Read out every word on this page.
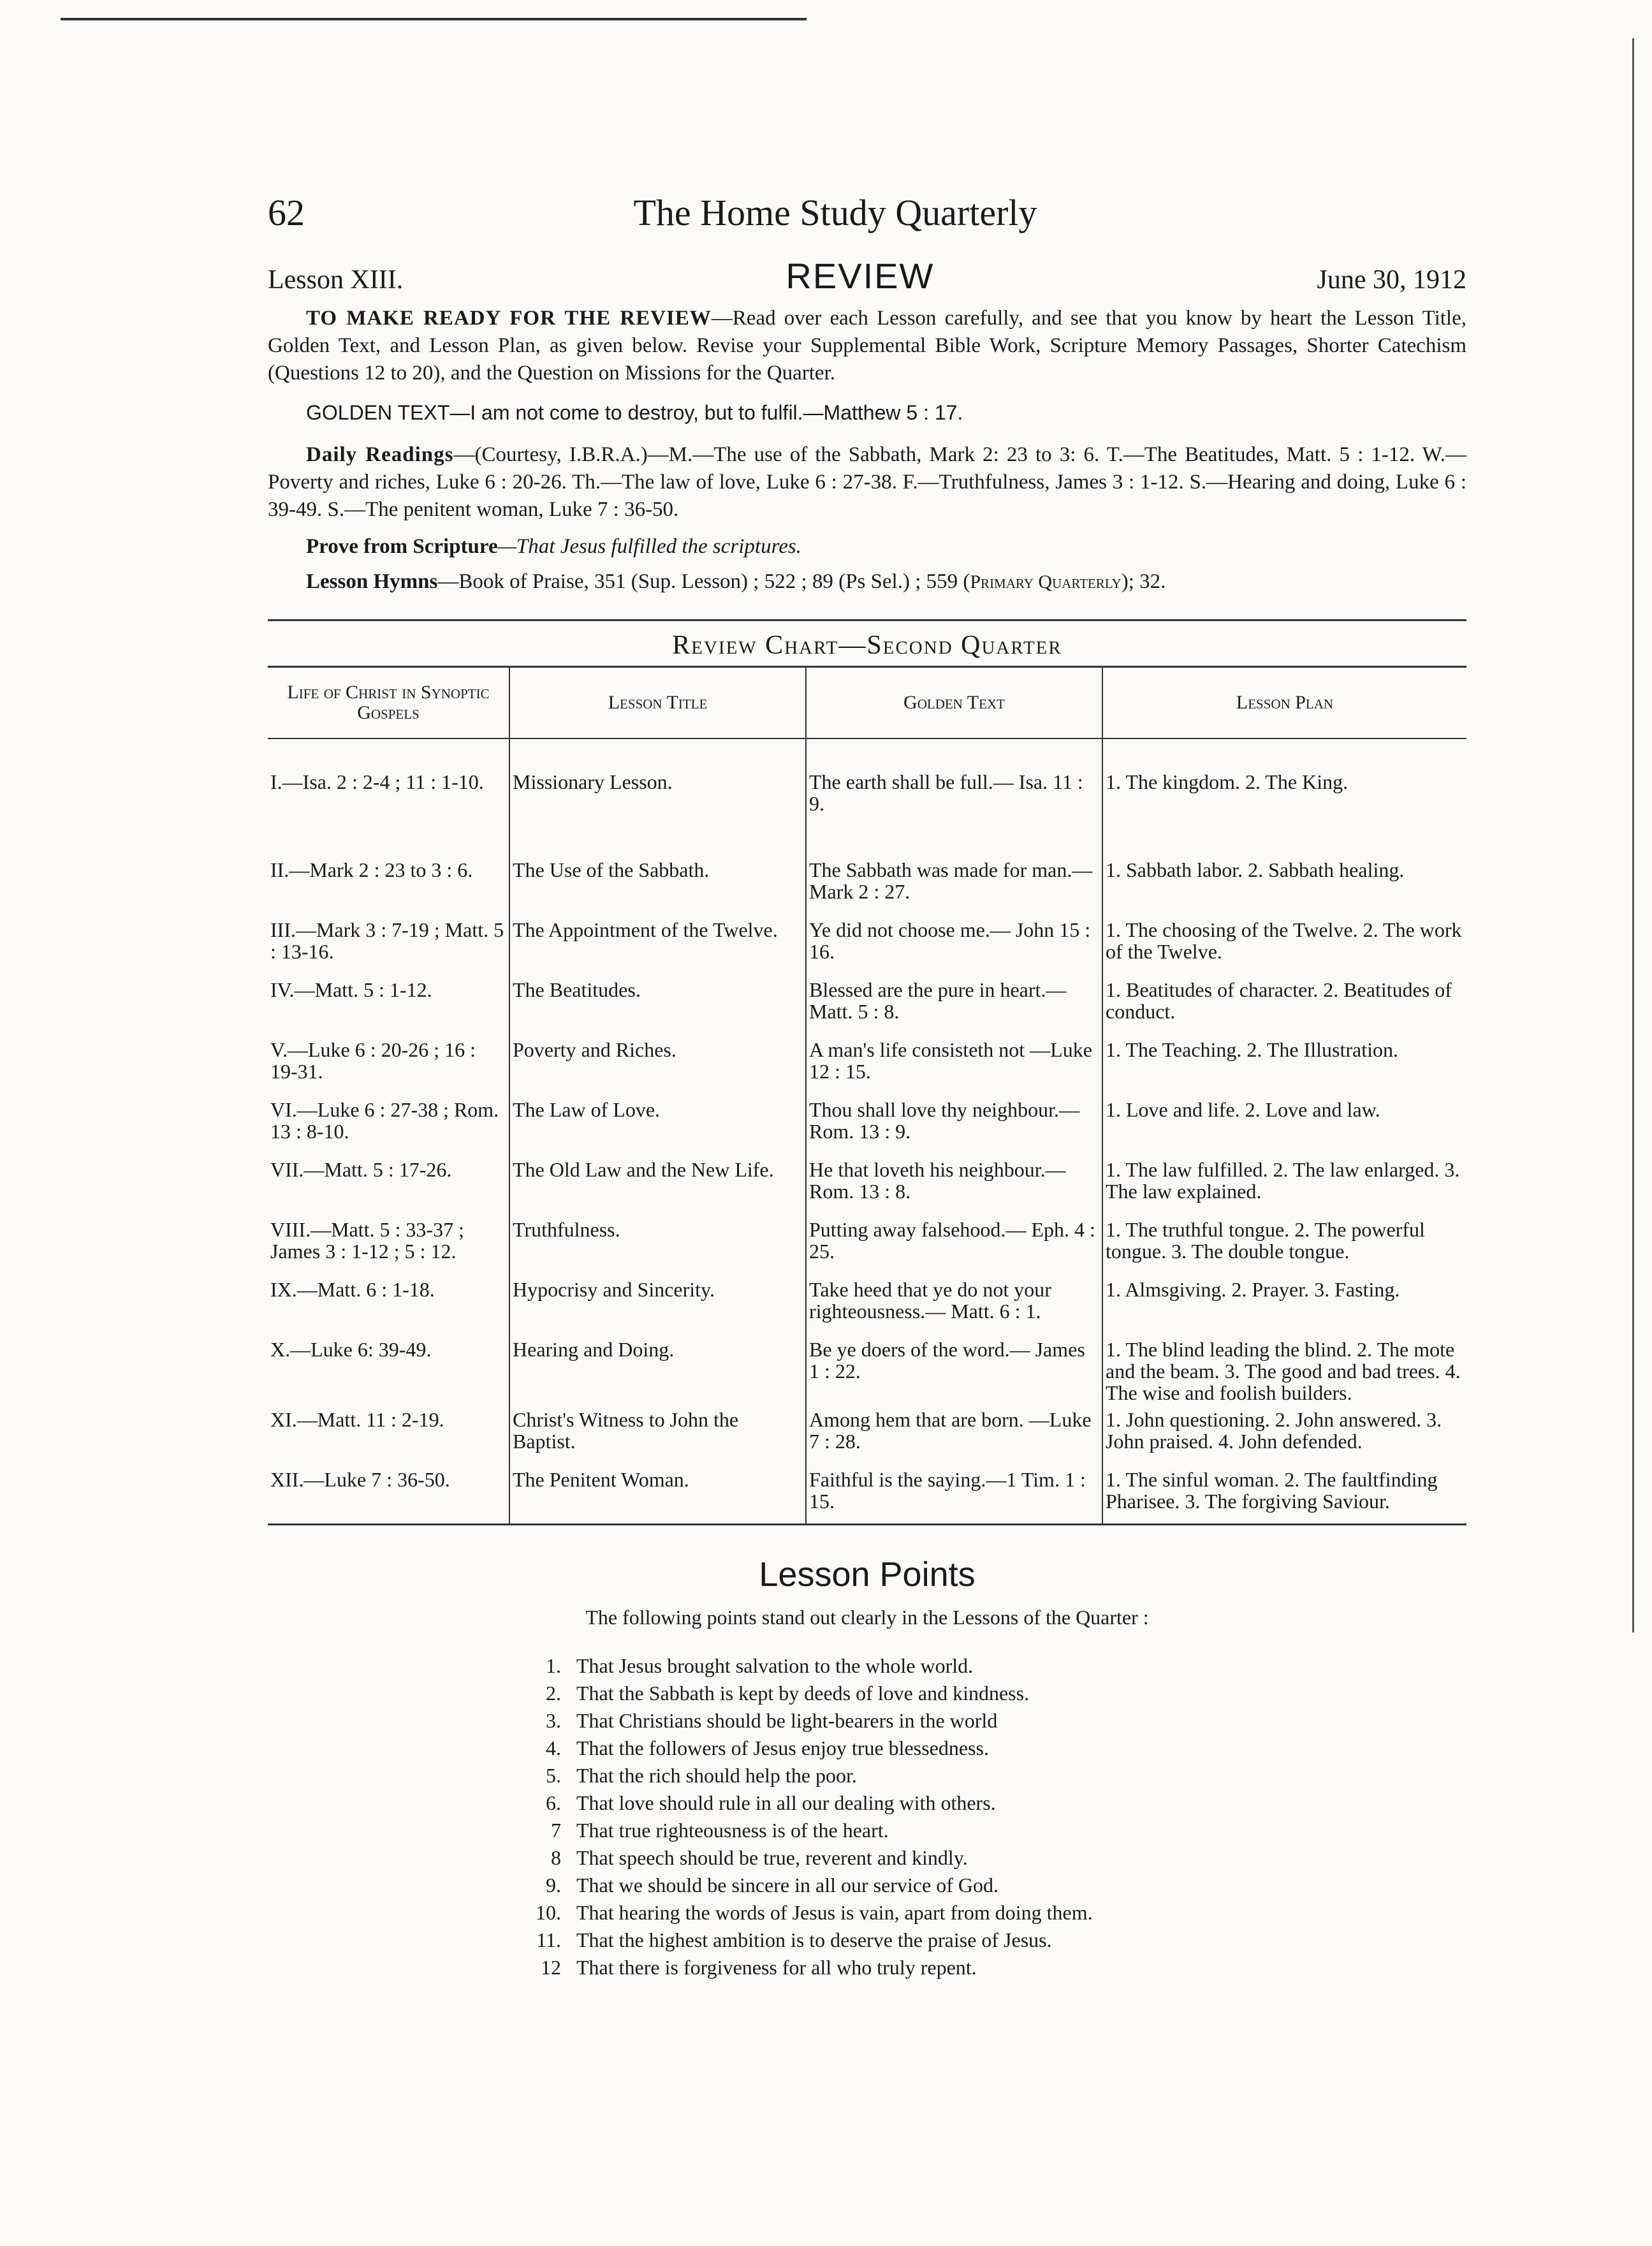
62	The Home Study Quarterly
Lesson XIII.	REVIEW	June 30, 1912

TO MAKE READY FOR THE REVIEW—Read over each Lesson carefully, and see that you know by heart the Lesson Title, Golden Text, and Lesson Plan, as given below. Revise your Supplemental Bible Work, Scripture Memory Passages, Shorter Catechism (Questions 12 to 20), and the Question on Missions for the Quarter.

GOLDEN TEXT—I am not come to destroy, but to fulfil.—Matthew 5 : 17.

Daily Readings—(Courtesy, I.B.R.A.)—M.—The use of the Sabbath, Mark 2: 23 to 3: 6. T.—The Beatitudes, Matt. 5 : 1-12. W.—Poverty and riches, Luke 6 : 20-26. Th.—The law of love, Luke 6 : 27-38. F.—Truthfulness, James 3 : 1-12. S.—Hearing and doing, Luke 6 : 39-49. S.—The penitent woman, Luke 7 : 36-50.

Prove from Scripture—That Jesus fulfilled the scriptures.
Lesson Hymns—Book of Praise, 351 (Sup. Lesson) ; 522 ; 89 (Ps Sel.) ; 559 (Primary Quarterly); 32.
Review Chart—Second Quarter
Life of Christ in Synoptic Gospels	Lesson Title	Golden Text	Lesson Plan
I.—Isa. 2 : 2-4 ; 11 : 1-10.	Missionary Lesson.	The earth shall be full.— Isa. 11 : 9.	1. The kingdom. 2. The King.
II.—Mark 2 : 23 to 3 : 6.	The Use of the Sabbath.	The Sabbath was made for man.—Mark 2 : 27.	1. Sabbath labor. 2. Sabbath healing.
III.—Mark 3 : 7-19 ; Matt. 5 : 13-16.	The Appointment of the Twelve.	Ye did not choose me.— John 15 : 16.	1. The choosing of the Twelve. 2. The work of the Twelve.
IV.—Matt. 5 : 1-12.	The Beatitudes.	Blessed are the pure in heart.—Matt. 5 : 8.	1. Beatitudes of character. 2. Beatitudes of conduct.
V.—Luke 6 : 20-26 ; 16 : 19-31.	Poverty and Riches.	A man's life consisteth not —Luke 12 : 15.	1. The Teaching. 2. The Illustration.
VI.—Luke 6 : 27-38 ; Rom. 13 : 8-10.	The Law of Love.	Thou shall love thy neighbour.—Rom. 13 : 9.	1. Love and life. 2. Love and law.
VII.—Matt. 5 : 17-26.	The Old Law and the New Life.	He that loveth his neighbour.—Rom. 13 : 8.	1. The law fulfilled. 2. The law enlarged. 3. The law explained.
VIII.—Matt. 5 : 33-37 ; James 3 : 1-12 ; 5 : 12.	Truthfulness.	Putting away falsehood.— Eph. 4 : 25.	1. The truthful tongue. 2. The powerful tongue. 3. The double tongue.
IX.—Matt. 6 : 1-18.	Hypocrisy and Sincerity.	Take heed that ye do not your righteousness.— Matt. 6 : 1.	1. Almsgiving. 2. Prayer. 3. Fasting.
X.—Luke 6: 39-49.	Hearing and Doing.	Be ye doers of the word.— James 1 : 22.	1. The blind leading the blind. 2. The mote and the beam. 3. The good and bad trees. 4. The wise and foolish builders.
XI.—Matt. 11 : 2-19.	Christ's Witness to John the Baptist.	Among hem that are born. —Luke 7 : 28.	1. John questioning. 2. John answered. 3. John praised. 4. John defended.
XII.—Luke 7 : 36-50.	The Penitent Woman.	Faithful is the saying.—1 Tim. 1 : 15.	1. The sinful woman. 2. The faultfinding Pharisee. 3. The forgiving Saviour.
Lesson Points
The following points stand out clearly in the Lessons of the Quarter :
1. That Jesus brought salvation to the whole world.
2. That the Sabbath is kept by deeds of love and kindness.
3. That Christians should be light-bearers in the world
4. That the followers of Jesus enjoy true blessedness.
5. That the rich should help the poor.
6. That love should rule in all our dealing with others.
7 That true righteousness is of the heart.
8 That speech should be true, reverent and kindly.
9. That we should be sincere in all our service of God.
10. That hearing the words of Jesus is vain, apart from doing them.
11. That the highest ambition is to deserve the praise of Jesus.
12 That there is forgiveness for all who truly repent.
